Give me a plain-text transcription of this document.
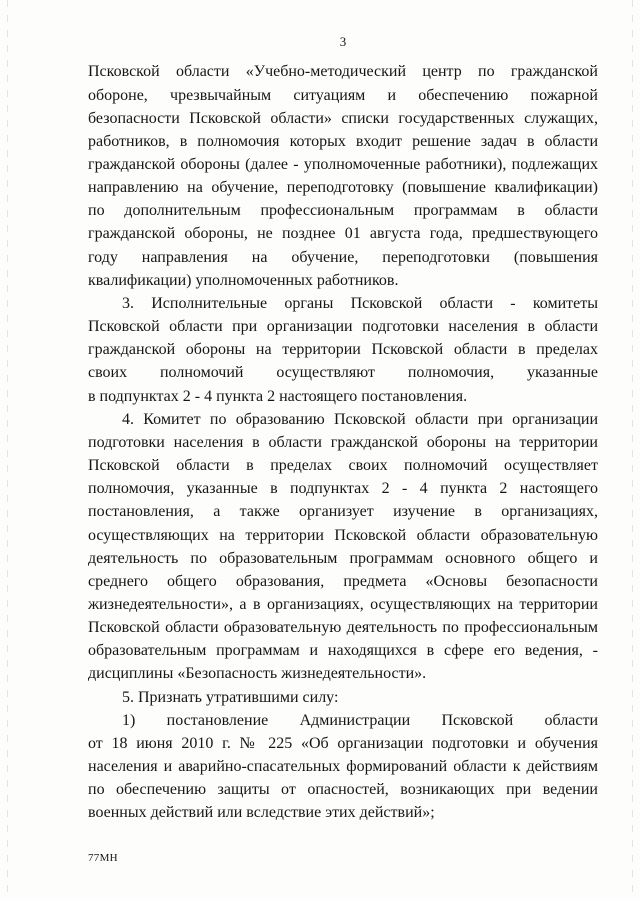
3
Псковской области «Учебно-методический центр по гражданской
обороне, чрезвычайным ситуациям и обеспечению пожарной
безопасности Псковской области» списки государственных служащих,
работников, в полномочия которых входит решение задач в области
гражданской обороны (далее - уполномоченные работники), подлежащих
направлению на обучение, переподготовку (повышение квалификации)
по дополнительным профессиональным программам в области
гражданской обороны, не позднее 01 августа года, предшествующего
году направления на обучение, переподготовки (повышения
квалификации) уполномоченных работников.
3. Исполнительные органы Псковской области - комитеты
Псковской области при организации подготовки населения в области
гражданской обороны на территории Псковской области в пределах
своих полномочий осуществляют полномочия, указанные
в подпунктах 2 - 4 пункта 2 настоящего постановления.
4. Комитет по образованию Псковской области при организации
подготовки населения в области гражданской обороны на территории
Псковской области в пределах своих полномочий осуществляет
полномочия, указанные в подпунктах 2 - 4 пункта 2 настоящего
постановления, а также организует изучение в организациях,
осуществляющих на территории Псковской области образовательную
деятельность по образовательным программам основного общего и
среднего общего образования, предмета «Основы безопасности
жизнедеятельности», а в организациях, осуществляющих на территории
Псковской области образовательную деятельность по профессиональным
образовательным программам и находящихся в сфере его ведения, -
дисциплины «Безопасность жизнедеятельности».
5. Признать утратившими силу:
1) постановление Администрации Псковской области
от 18 июня 2010 г. № 225 «Об организации подготовки и обучения
населения и аварийно-спасательных формирований области к действиям
по обеспечению защиты от опасностей, возникающих при ведении
военных действий или вследствие этих действий»;
77МН
